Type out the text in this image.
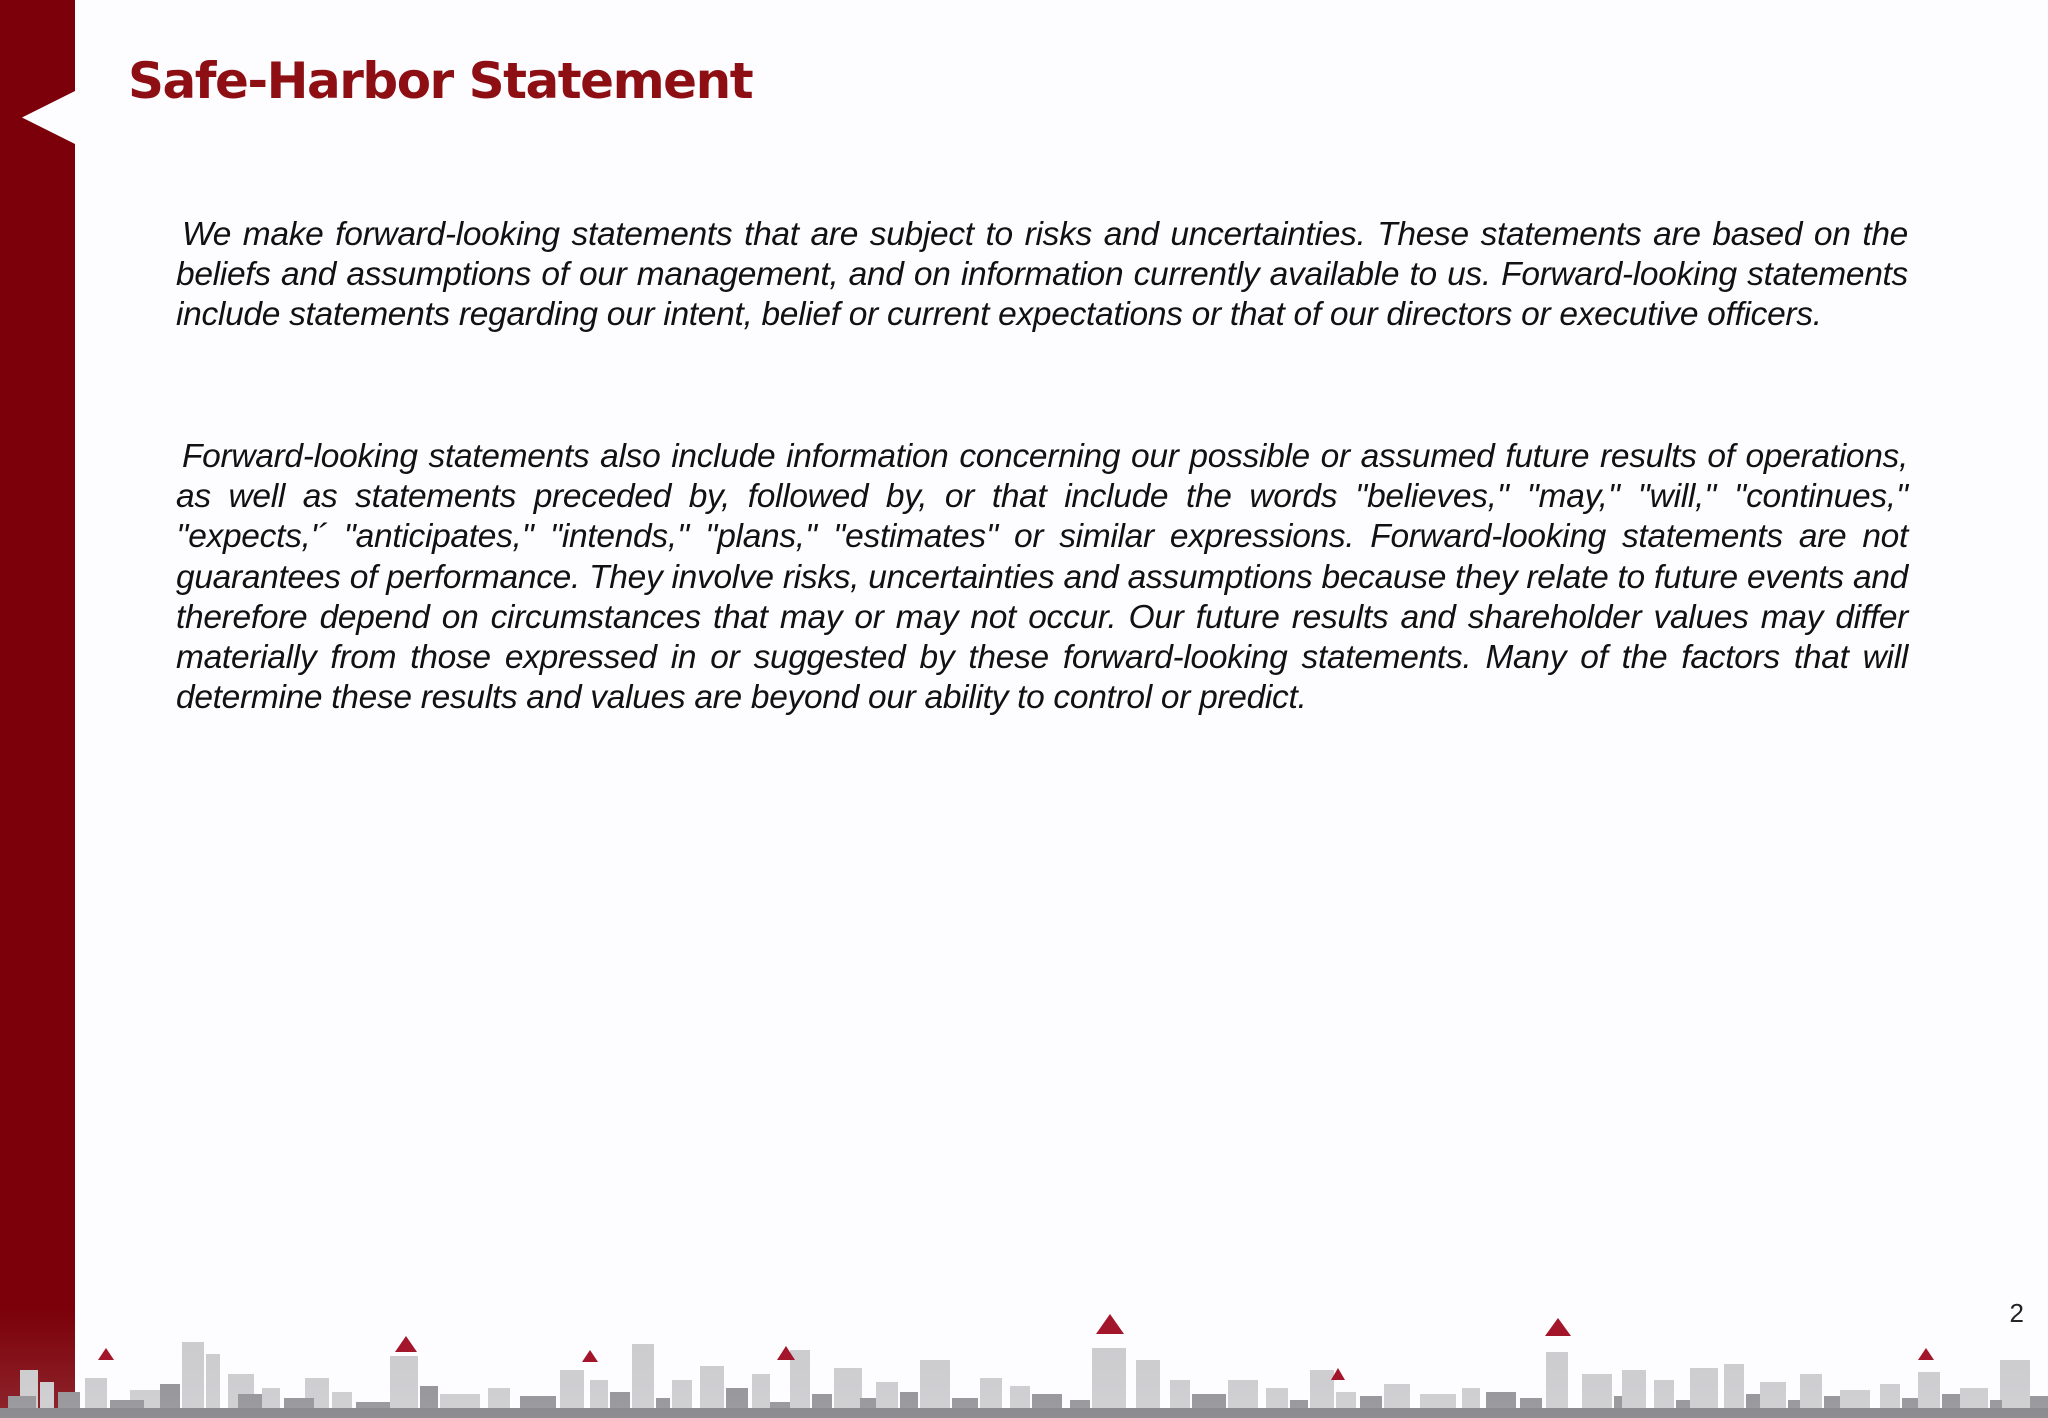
Safe-Harbor Statement

We make forward-looking statements that are subject to risks and uncertainties. These statements are based on the beliefs and assumptions of our management, and on information currently available to us. Forward-looking statements include statements regarding our intent, belief or current expectations or that of our directors or executive officers.

Forward-looking statements also include information concerning our possible or assumed future results of operations, as well as statements preceded by, followed by, or that include the words ''believes,'' ''may,'' ''will,'' ''continues,'' ''expects,'´ ''anticipates,'' ''intends,'' ''plans,'' ''estimates'' or similar expressions. Forward-looking statements are not guarantees of performance. They involve risks, uncertainties and assumptions because they relate to future events and therefore depend on circumstances that may or may not occur. Our future results and shareholder values may differ materially from those expressed in or suggested by these forward-looking statements. Many of the factors that will determine these results and values are beyond our ability to control or predict.
